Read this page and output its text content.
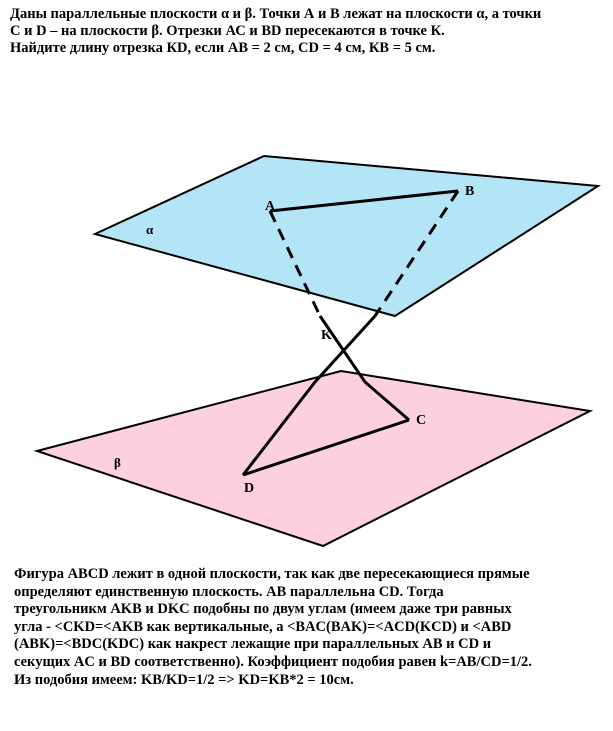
Даны параллельные плоскости α и β. Точки А и В лежат на плоскости α, а точки

С и D – на плоскости β. Отрезки АС и ВD пересекаются в точке К.

Найдите длину отрезка КD, если АВ = 2 см, СD = 4 см, КВ = 5 см.

A
B
K
C
D
α
β

Фигура ABCD лежит в одной плоскости, так как две пересекающиеся прямые

определяют единственную плоскость. АВ параллельна CD. Тогда

треугольникм AKB и DKC подобны по двум углам (имеем даже три равных

угла - <CKD=<AKB как вертикальные, а <BAC(BAK)=<ACD(KCD) и <ABD

(ABK)=<BDC(KDC) как накрест лежащие при параллельных AB и CD и

секущих AC и BD соответственно). Коэффициент подобия равен k=AB/CD=1/2.

Из подобия имеем: KB/KD=1/2 => KD=KB*2 = 10см.
